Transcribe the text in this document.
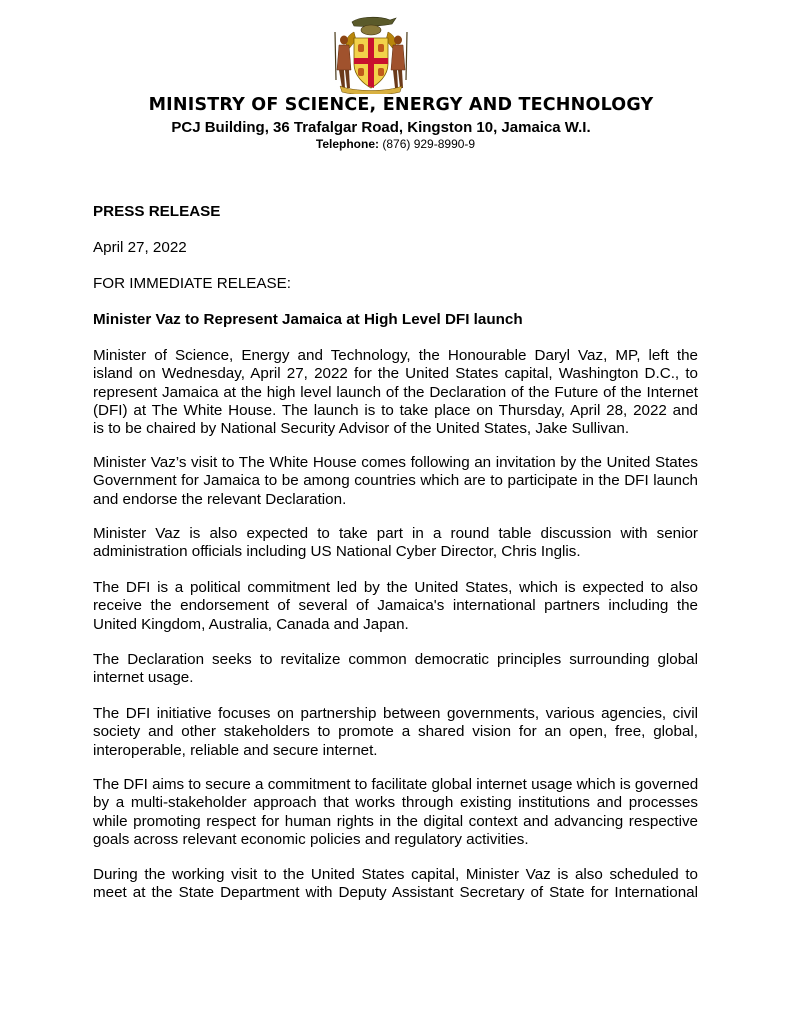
MINISTRY OF SCIENCE, ENERGY AND TECHNOLOGY
PCJ Building, 36 Trafalgar Road, Kingston 10, Jamaica W.I.
Telephone: (876) 929-8990-9
PRESS RELEASE
April 27, 2022
FOR IMMEDIATE RELEASE:
Minister Vaz to Represent Jamaica at High Level DFI launch
Minister of Science, Energy and Technology, the Honourable Daryl Vaz, MP, left the
island on Wednesday, April 27, 2022 for the United States capital, Washington D.C., to
represent Jamaica at the high level launch of the Declaration of the Future of the Internet
(DFI) at The White House. The launch is to take place on Thursday, April 28, 2022 and
is to be chaired by National Security Advisor of the United States, Jake Sullivan.
Minister Vaz’s visit to The White House comes following an invitation by the United States
Government for Jamaica to be among countries which are to participate in the DFI launch
and endorse the relevant Declaration.
Minister Vaz is also expected to take part in a round table discussion with senior
administration officials including US National Cyber Director, Chris Inglis.
The DFI is a political commitment led by the United States, which is expected to also
receive the endorsement of several of Jamaica's international partners including the
United Kingdom, Australia, Canada and Japan.
The Declaration seeks to revitalize common democratic principles surrounding global
internet usage.
The DFI initiative focuses on partnership between governments, various agencies, civil
society and other stakeholders to promote a shared vision for an open, free, global,
interoperable, reliable and secure internet.
The DFI aims to secure a commitment to facilitate global internet usage which is governed
by a multi-stakeholder approach that works through existing institutions and processes
while promoting respect for human rights in the digital context and advancing respective
goals across relevant economic policies and regulatory activities.
During the working visit to the United States capital, Minister Vaz is also scheduled to
meet at the State Department with Deputy Assistant Secretary of State for International
